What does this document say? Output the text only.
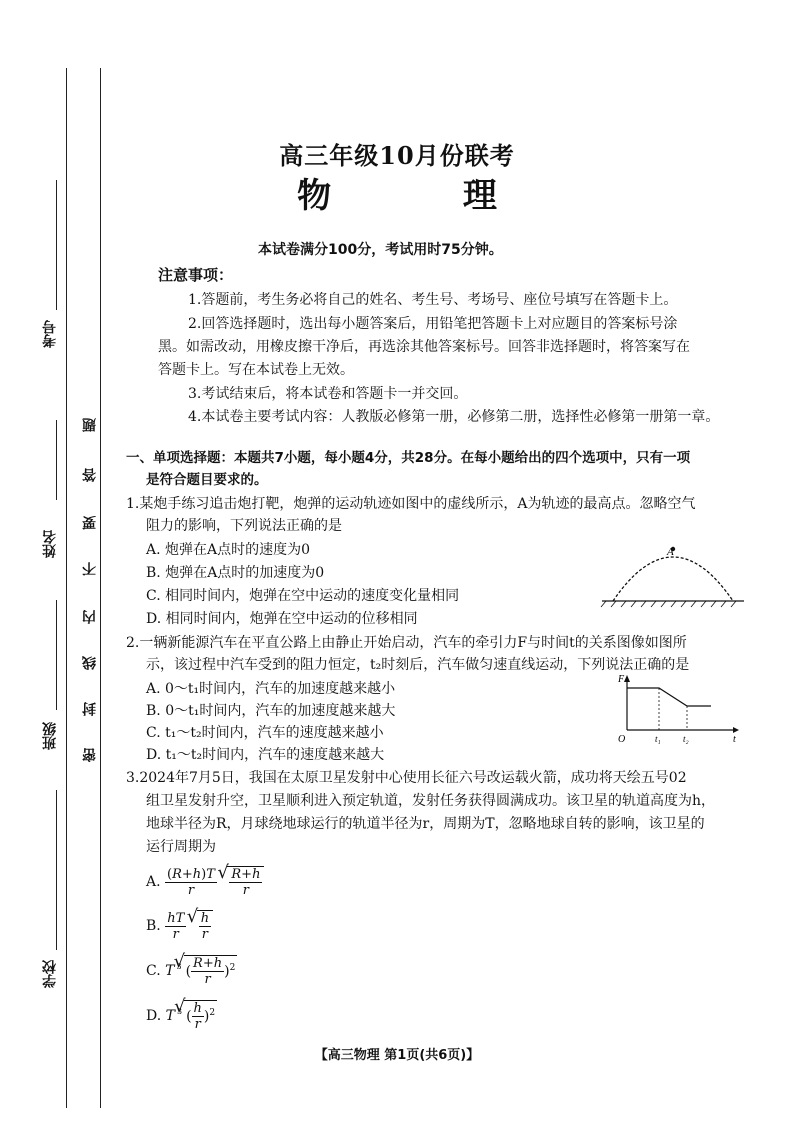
考号
姓名
班级
学校
题
答
要
不
内
线
封
密
高三年级10月份联考
物 理
本试卷满分100分，考试用时75分钟。
注意事项：
1.答题前，考生务必将自己的姓名、考生号、考场号、座位号填写在答题卡上。
2.回答选择题时，选出每小题答案后，用铅笔把答题卡上对应题目的答案标号涂
黑。如需改动，用橡皮擦干净后，再选涂其他答案标号。回答非选择题时，将答案写在
答题卡上。写在本试卷上无效。
3.考试结束后，将本试卷和答题卡一并交回。
4.本试卷主要考试内容：人教版必修第一册，必修第二册，选择性必修第一册第一章。
一、单项选择题：本题共7小题，每小题4分，共28分。在每小题给出的四个选项中，只有一项
是符合题目要求的。
1.某炮手练习追击炮打靶，炮弹的运动轨迹如图中的虚线所示，A为轨迹的最高点。忽略空气
阻力的影响，下列说法正确的是
A. 炮弹在A点时的速度为0
B. 炮弹在A点时的加速度为0
C. 相同时间内，炮弹在空中运动的速度变化量相同
D. 相同时间内，炮弹在空中运动的位移相同
A
2.一辆新能源汽车在平直公路上由静止开始启动，汽车的牵引力F与时间t的关系图像如图所
示，该过程中汽车受到的阻力恒定，t₂时刻后，汽车做匀速直线运动，下列说法正确的是
A. 0～t₁时间内，汽车的加速度越来越小
B. 0～t₁时间内，汽车的加速度越来越大
C. t₁～t₂时间内，汽车的速度越来越小
D. t₁～t₂时间内，汽车的速度越来越大
F
t
O	t₁ t₂
3.2024年7月5日，我国在太原卫星发射中心使用长征六号改运载火箭，成功将天绘五号02
组卫星发射升空，卫星顺利进入预定轨道，发射任务获得圆满成功。该卫星的轨道高度为h，
地球半径为R，月球绕地球运行的轨道半径为r，周期为T，忽略地球自转的影响，该卫星的
运行周期为
A. $\frac{(R+h)T}{r}$
√ $\frac{R+h}{r}$
B. $\frac{hT}{r}$
√ $\frac{h}{r}$
C. T $^3$ √ ( $\frac{R+h}{r} )^2$
D. T $^3$ √ ( $\frac{h}{r} )^2$
【高三物理 第1页(共6页)】
